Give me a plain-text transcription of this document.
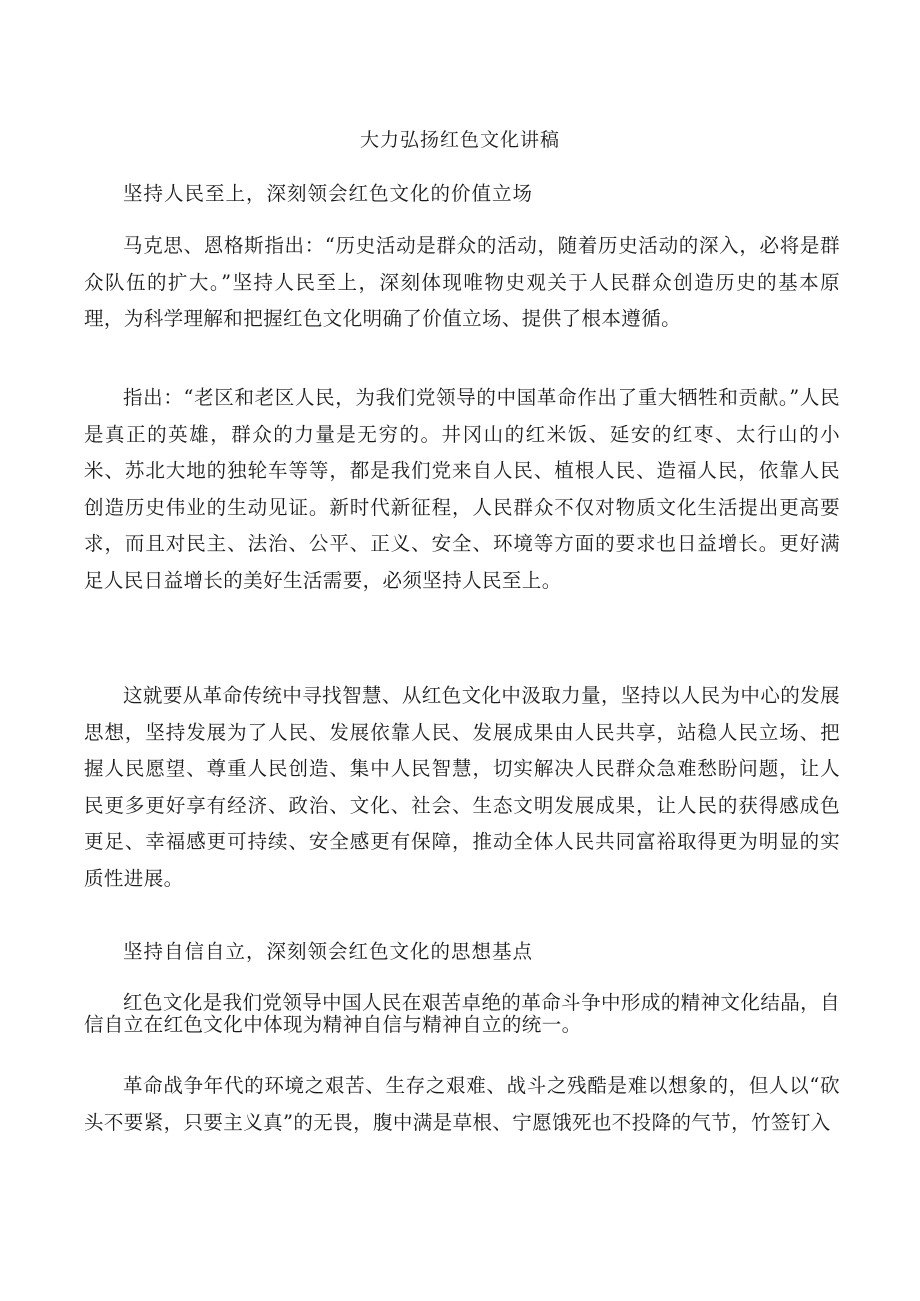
大力弘扬红色文化讲稿

坚持人民至上，深刻领会红色文化的价值立场

马克思、恩格斯指出：“历史活动是群众的活动，随着历史活动的深入，必将是群众队伍的扩大。”坚持人民至上，深刻体现唯物史观关于人民群众创造历史的基本原理，为科学理解和把握红色文化明确了价值立场、提供了根本遵循。

指出：“老区和老区人民，为我们党领导的中国革命作出了重大牺牲和贡献。”人民是真正的英雄，群众的力量是无穷的。井冈山的红米饭、延安的红枣、太行山的小米、苏北大地的独轮车等等，都是我们党来自人民、植根人民、造福人民，依靠人民创造历史伟业的生动见证。新时代新征程，人民群众不仅对物质文化生活提出更高要求，而且对民主、法治、公平、正义、安全、环境等方面的要求也日益增长。更好满足人民日益增长的美好生活需要，必须坚持人民至上。

这就要从革命传统中寻找智慧、从红色文化中汲取力量，坚持以人民为中心的发展思想，坚持发展为了人民、发展依靠人民、发展成果由人民共享，站稳人民立场、把握人民愿望、尊重人民创造、集中人民智慧，切实解决人民群众急难愁盼问题，让人民更多更好享有经济、政治、文化、社会、生态文明发展成果，让人民的获得感成色更足、幸福感更可持续、安全感更有保障，推动全体人民共同富裕取得更为明显的实质性进展。

坚持自信自立，深刻领会红色文化的思想基点

红色文化是我们党领导中国人民在艰苦卓绝的革命斗争中形成的精神文化结晶，自信自立在红色文化中体现为精神自信与精神自立的统一。

革命战争年代的环境之艰苦、生存之艰难、战斗之残酷是难以想象的，但人以“砍头不要紧，只要主义真”的无畏，腹中满是草根、宁愿饿死也不投降的气节，竹签钉入
